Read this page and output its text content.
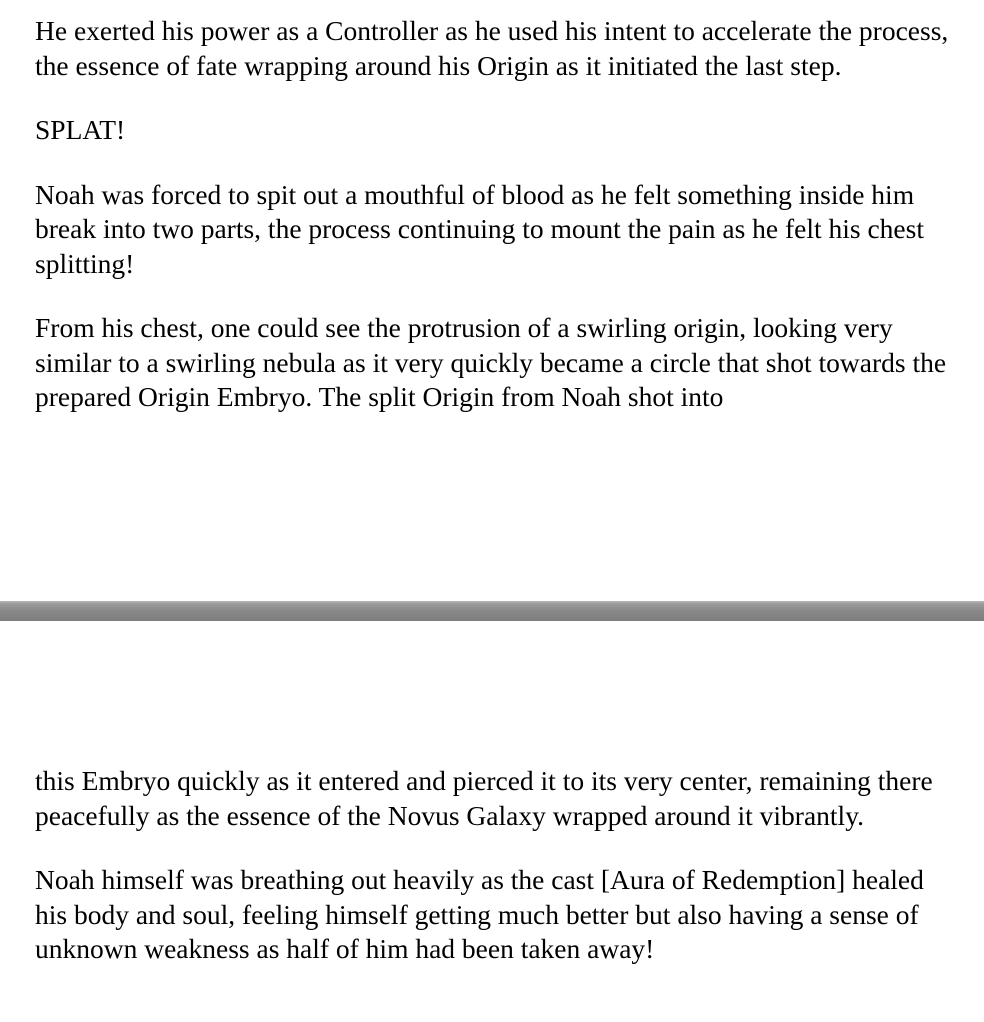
He exerted his power as a Controller as he used his intent to accelerate the process, the essence of fate wrapping around his Origin as it initiated the last step.

SPLAT!

Noah was forced to spit out a mouthful of blood as he felt something inside him break into two parts, the process continuing to mount the pain as he felt his chest splitting!

From his chest, one could see the protrusion of a swirling origin, looking very similar to a swirling nebula as it very quickly became a circle that shot towards the prepared Origin Embryo. The split Origin from Noah shot into

this Embryo quickly as it entered and pierced it to its very center, remaining there peacefully as the essence of the Novus Galaxy wrapped around it vibrantly.

Noah himself was breathing out heavily as the cast [Aura of Redemption] healed his body and soul, feeling himself getting much better but also having a sense of unknown weakness as half of him had been taken away!
